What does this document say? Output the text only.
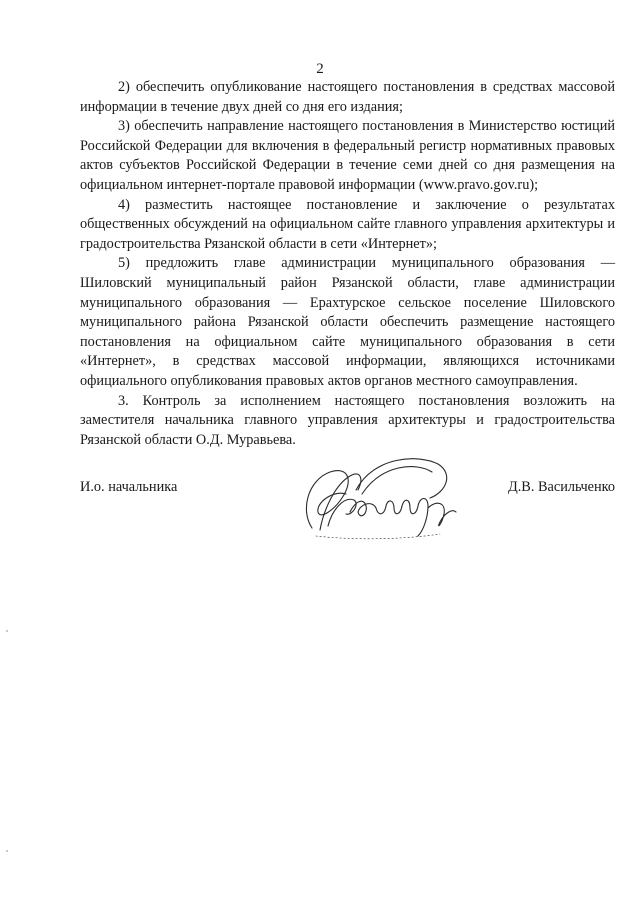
2

2) обеспечить опубликование настоящего постановления в средствах массовой информации в течение двух дней со дня его издания;

3) обеспечить направление настоящего постановления в Министерство юстиций Российской Федерации для включения в федеральный регистр нормативных правовых актов субъектов Российской Федерации в течение семи дней со дня размещения на официальном интернет-портале правовой информации (www.pravo.gov.ru);

4) разместить настоящее постановление и заключение о результатах общественных обсуждений на официальном сайте главного управления архитектуры и градостроительства Рязанской области в сети «Интернет»;

5) предложить главе администрации муниципального образования — Шиловский муниципальный район Рязанской области, главе администрации муниципального образования — Ерахтурское сельское поселение Шиловского муниципального района Рязанской области обеспечить размещение настоящего постановления на официальном сайте муниципального образования в сети «Интернет», в средствах массовой информации, являющихся источниками официального опубликования правовых актов органов местного самоуправления.

3. Контроль за исполнением настоящего постановления возложить на заместителя начальника главного управления архитектуры и градостроительства Рязанской области О.Д. Муравьева.

И.о. начальника	Д.В. Васильченко
